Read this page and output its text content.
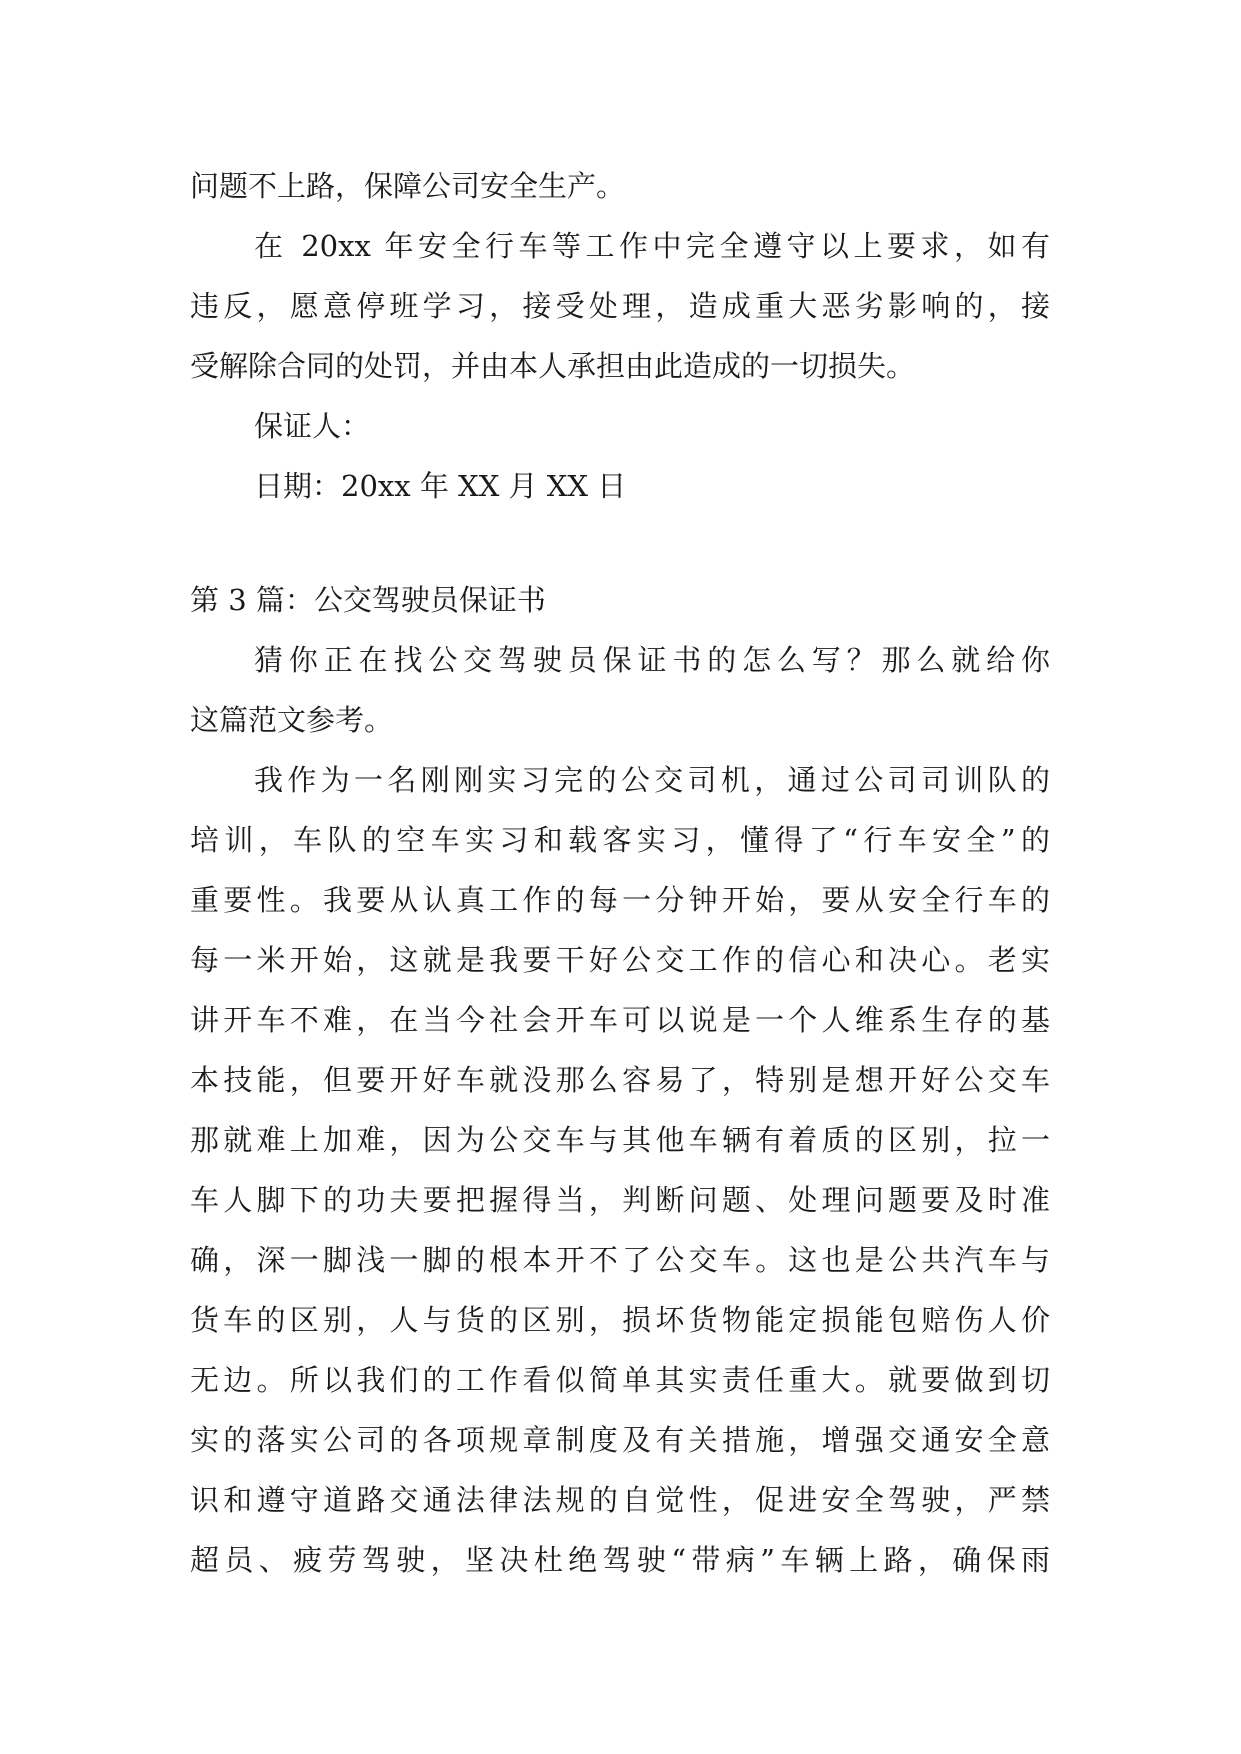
问题不上路，保障公司安全生产。
在 20xx 年安全行车等工作中完全遵守以上要求，如有
违反，愿意停班学习，接受处理，造成重大恶劣影响的，接
受解除合同的处罚，并由本人承担由此造成的一切损失。
保证人：
日期：20xx 年 XX 月 XX 日
第 3 篇：公交驾驶员保证书
猜你正在找公交驾驶员保证书的怎么写？那么就给你
这篇范文参考。
我作为一名刚刚实习完的公交司机，通过公司司训队的
培训，车队的空车实习和载客实习，懂得了“行车安全”的
重要性。我要从认真工作的每一分钟开始，要从安全行车的
每一米开始，这就是我要干好公交工作的信心和决心。老实
讲开车不难，在当今社会开车可以说是一个人维系生存的基
本技能，但要开好车就没那么容易了，特别是想开好公交车
那就难上加难，因为公交车与其他车辆有着质的区别，拉一
车人脚下的功夫要把握得当，判断问题、处理问题要及时准
确，深一脚浅一脚的根本开不了公交车。这也是公共汽车与
货车的区别，人与货的区别，损坏货物能定损能包赔伤人价
无边。所以我们的工作看似简单其实责任重大。就要做到切
实的落实公司的各项规章制度及有关措施，增强交通安全意
识和遵守道路交通法律法规的自觉性，促进安全驾驶，严禁
超员、疲劳驾驶，坚决杜绝驾驶“带病”车辆上路，确保雨
